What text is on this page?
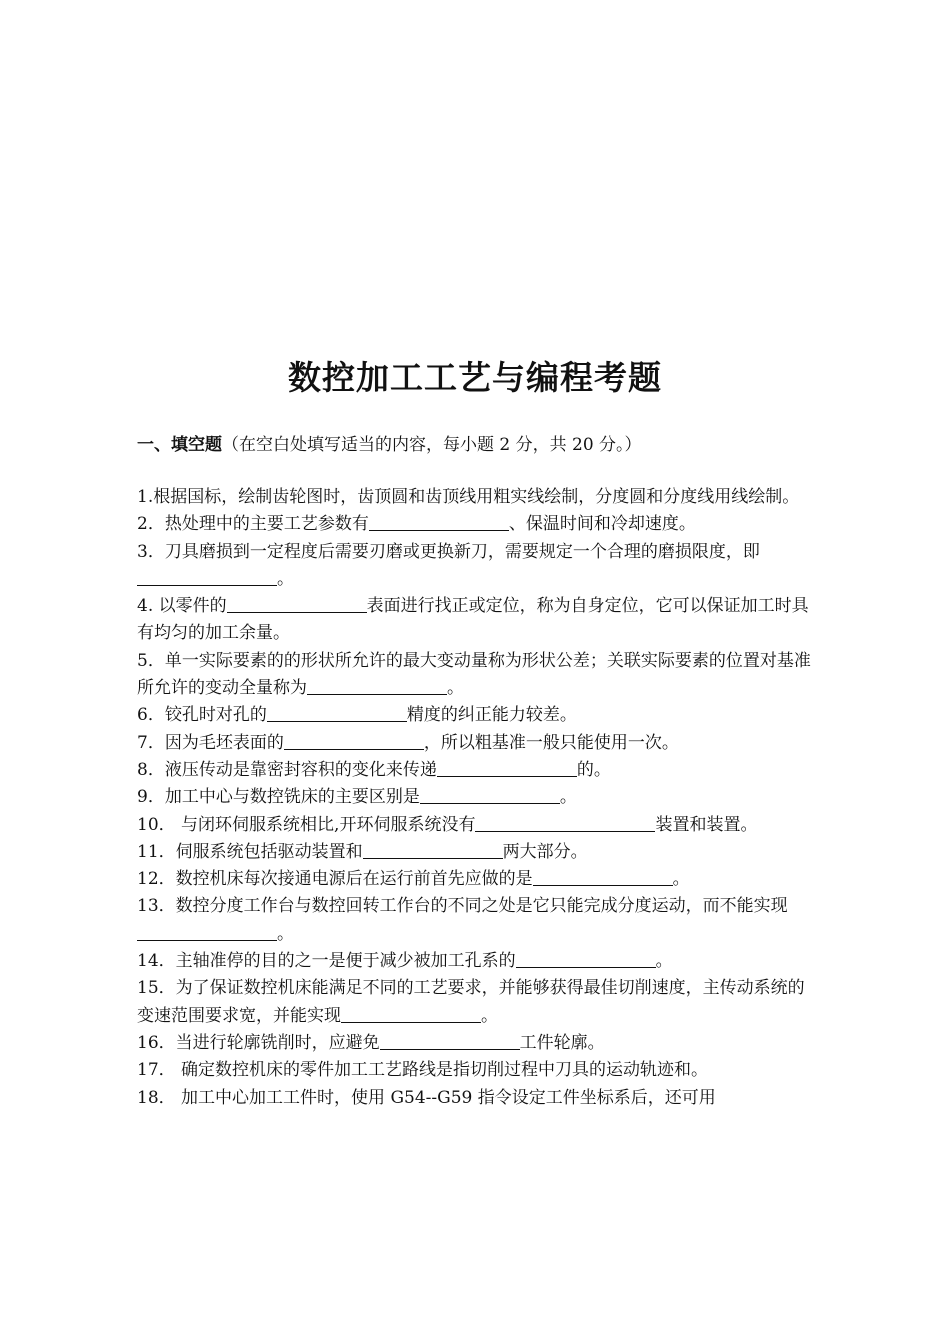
数控加工工艺与编程考题
一、填空题（在空白处填写适当的内容，每小题 2 分，共 20 分。）

1.根据国标，绘制齿轮图时，齿顶圆和齿顶线用粗实线绘制，分度圆和分度线用线绘制。

2．热处理中的主要工艺参数有	、保温时间和冷却速度。

3．刀具磨损到一定程度后需要刃磨或更换新刀，需要规定一个合理的磨损限度，即。

4. 以零件的	表面进行找正或定位，称为自身定位，它可以保证加工时具有均匀的加工余量。

5．单一实际要素的的形状所允许的最大变动量称为形状公差；关联实际要素的位置对基准所允许的变动全量称为	。

6．铰孔时对孔的	精度的纠正能力较差。

7．因为毛坯表面的	，所以粗基准一般只能使用一次。

8．液压传动是靠密封容积的变化来传递	的。

9．加工中心与数控铣床的主要区别是	。

10． 与闭环伺服系统相比,开环伺服系统没有	装置和装置。

11．伺服系统包括驱动装置和	两大部分。

12．数控机床每次接通电源后在运行前首先应做的是	。

13．数控分度工作台与数控回转工作台的不同之处是它只能完成分度运动，而不能实现。

14．主轴准停的目的之一是便于减少被加工孔系的	。

15．为了保证数控机床能满足不同的工艺要求，并能够获得最佳切削速度，主传动系统的变速范围要求宽，并能实现	。

16．当进行轮廓铣削时，应避免	工件轮廓。

17． 确定数控机床的零件加工工艺路线是指切削过程中刀具的运动轨迹和。

18． 加工中心加工工件时，使用 G54--G59 指令设定工件坐标系后，还可用
